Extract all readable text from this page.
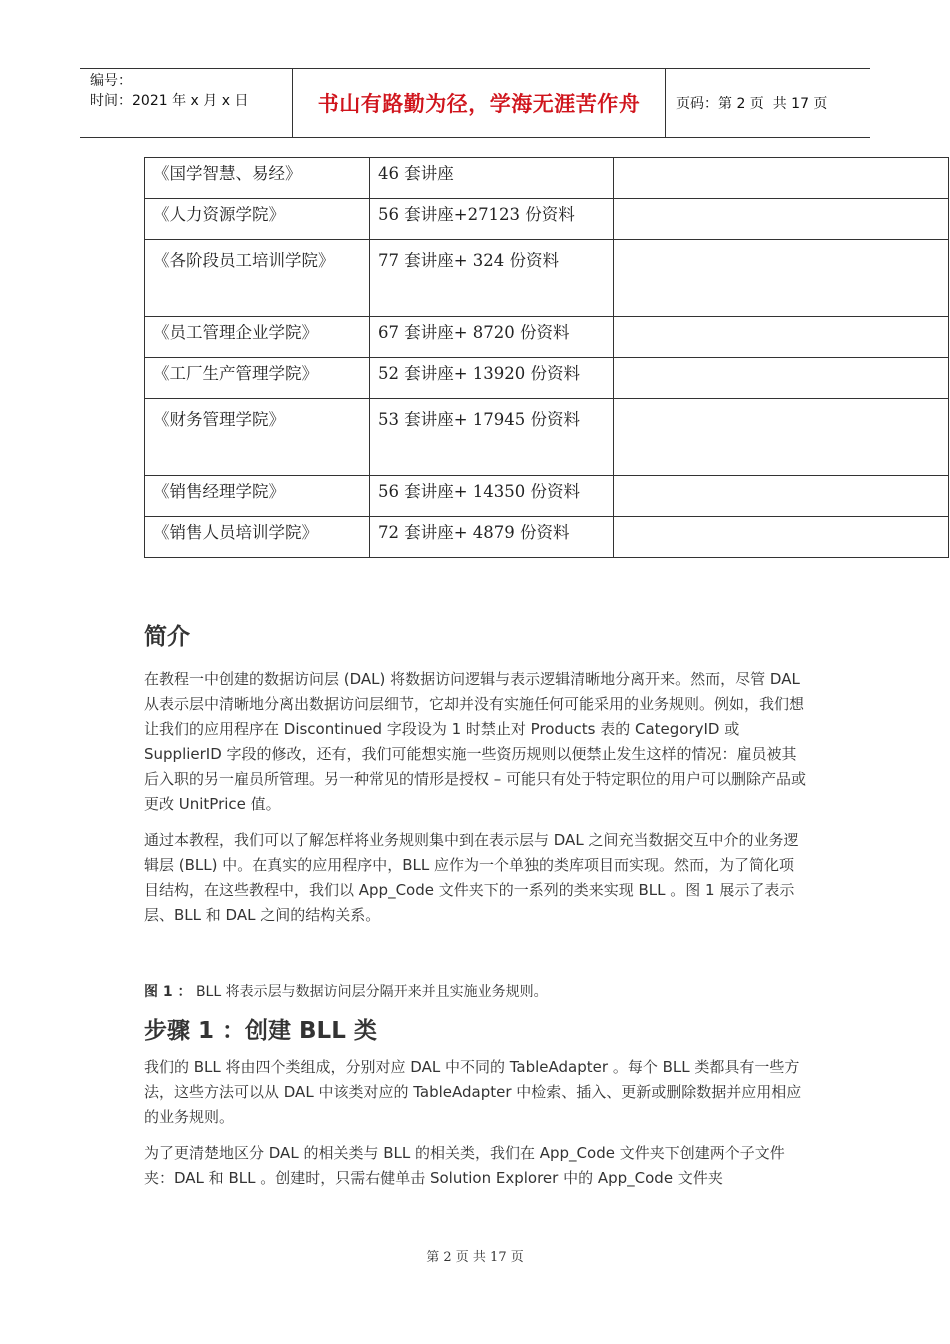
编号：
时间：2021 年 x 月 x 日	书山有路勤为径，学海无涯苦作舟	页码：第 2 页  共 17 页
《国学智慧、易经》	46 套讲座	
《人力资源学院》	56 套讲座+27123 份资料	
《各阶段员工培训学院》	77 套讲座+ 324 份资料	
《员工管理企业学院》	67 套讲座+ 8720 份资料	
《工厂生产管理学院》	52 套讲座+ 13920 份资料	
《财务管理学院》	53 套讲座+ 17945 份资料	
《销售经理学院》	56 套讲座+ 14350 份资料	
《销售人员培训学院》	72 套讲座+ 4879 份资料	
简介

在教程一中创建的数据访问层 (DAL) 将数据访问逻辑与表示逻辑清晰地分离开来。然而，尽管 DAL 从表示层中清晰地分离出数据访问层细节，它却并没有实施任何可能采用的业务规则。例如，我们想让我们的应用程序在 Discontinued 字段设为 1 时禁止对 Products 表的 CategoryID 或 SupplierID 字段的修改，还有，我们可能想实施一些资历规则以便禁止发生这样的情况：雇员被其后入职的另一雇员所管理。另一种常见的情形是授权 – 可能只有处于特定职位的用户可以删除产品或更改 UnitPrice 值。

通过本教程，我们可以了解怎样将业务规则集中到在表示层与 DAL 之间充当数据交互中介的业务逻辑层 (BLL) 中。在真实的应用程序中，BLL 应作为一个单独的类库项目而实现。然而，为了简化项目结构，在这些教程中，我们以 App_Code 文件夹下的一系列的类来实现 BLL 。图 1 展示了表示层、BLL 和 DAL 之间的结构关系。

图 1 ： BLL 将表示层与数据访问层分隔开来并且实施业务规则。

步骤 1 ：创建 BLL 类

我们的 BLL 将由四个类组成，分别对应 DAL 中不同的 TableAdapter 。每个 BLL 类都具有一些方法，这些方法可以从 DAL 中该类对应的 TableAdapter 中检索、插入、更新或删除数据并应用相应的业务规则。

为了更清楚地区分 DAL 的相关类与 BLL 的相关类，我们在 App_Code 文件夹下创建两个子文件夹：DAL 和 BLL 。创建时，只需右健单击 Solution Explorer 中的 App_Code 文件夹

第 2 页 共 17 页
